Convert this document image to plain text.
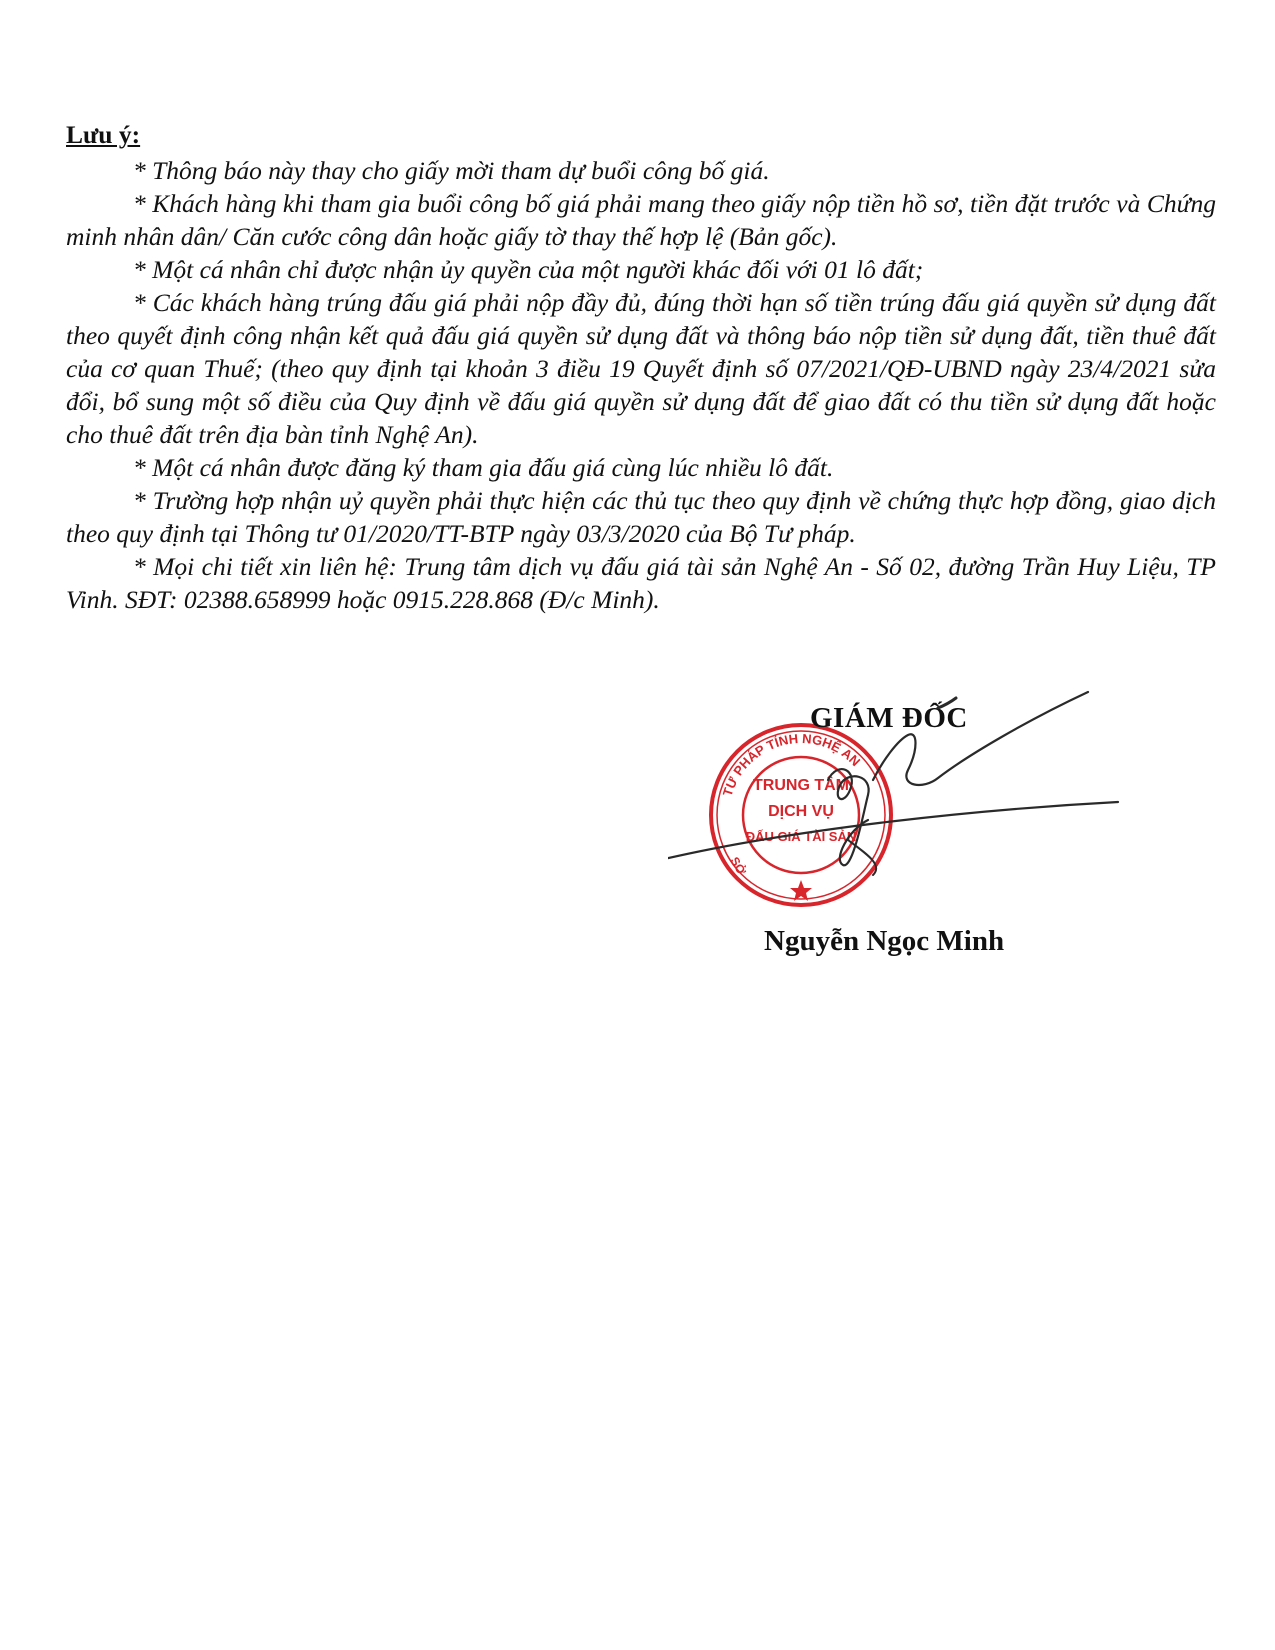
Lưu ý:

* Thông báo này thay cho giấy mời tham dự buổi công bố giá.

* Khách hàng khi tham gia buổi công bố giá phải mang theo giấy nộp tiền hồ sơ, tiền đặt trước và Chứng minh nhân dân/ Căn cước công dân hoặc giấy tờ thay thế hợp lệ (Bản gốc).

* Một cá nhân chỉ được nhận ủy quyền của một người khác đối với 01 lô đất;

* Các khách hàng trúng đấu giá phải nộp đầy đủ, đúng thời hạn số tiền trúng đấu giá quyền sử dụng đất theo quyết định công nhận kết quả đấu giá quyền sử dụng đất và thông báo nộp tiền sử dụng đất, tiền thuê đất của cơ quan Thuế; (theo quy định tại khoản 3 điều 19 Quyết định số 07/2021/QĐ-UBND ngày 23/4/2021 sửa đổi, bổ sung một số điều của Quy định về đấu giá quyền sử dụng đất để giao đất có thu tiền sử dụng đất hoặc cho thuê đất trên địa bàn tỉnh Nghệ An).

* Một cá nhân được đăng ký tham gia đấu giá cùng lúc nhiều lô đất.

* Trường hợp nhận uỷ quyền phải thực hiện các thủ tục theo quy định về chứng thực hợp đồng, giao dịch theo quy định tại Thông tư 01/2020/TT-BTP ngày 03/3/2020 của Bộ Tư pháp.

* Mọi chi tiết xin liên hệ: Trung tâm dịch vụ đấu giá tài sản Nghệ An - Số 02, đường Trần Huy Liệu, TP Vinh. SĐT: 02388.658999 hoặc 0915.228.868 (Đ/c Minh).

TƯ PHÁP TỈNH NGHỆ AN
TRUNG TÂM
DỊCH VỤ
ĐẤU GIÁ TÀI SẢN
SỞ
GIÁM ĐỐC
Nguyễn Ngọc Minh
